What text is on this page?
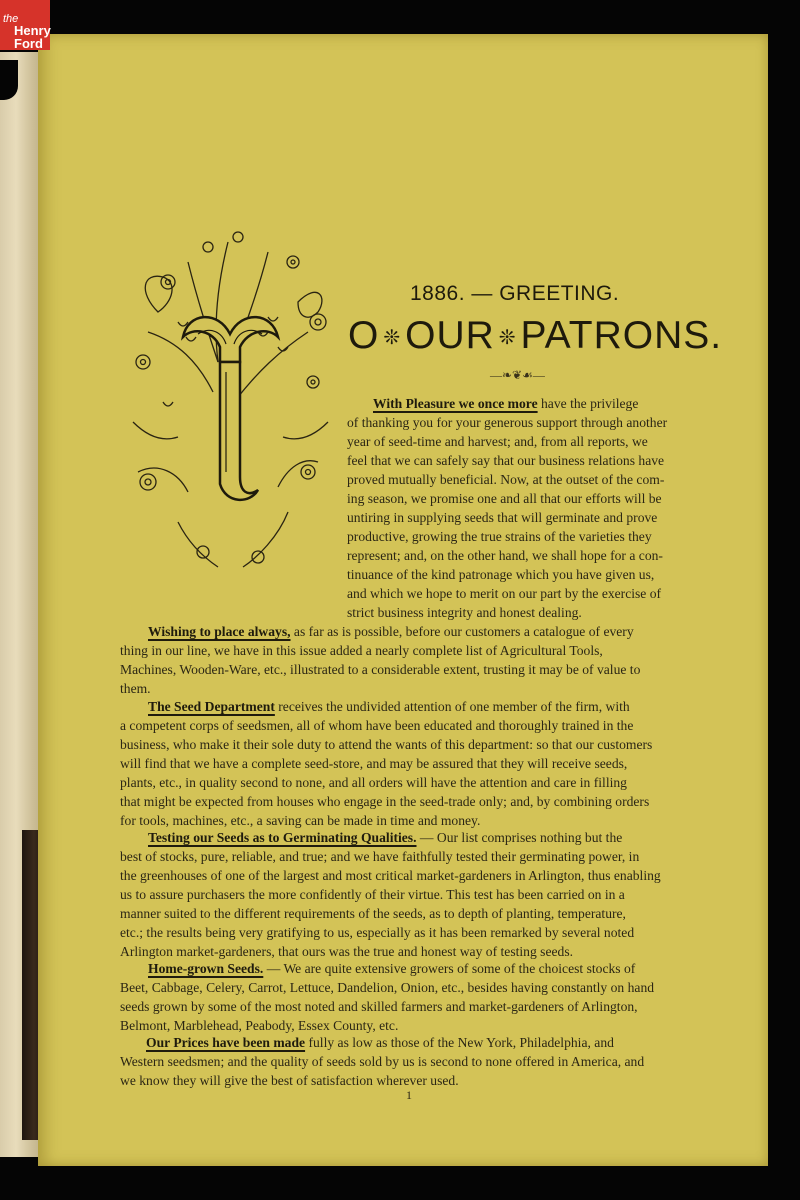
the
Henry
Ford
1886. — GREETING.
O ❊ OUR ❊ PATRONS.
—❧❦☙—
With Pleasure we once more have the privilege
of thanking you for your generous support through another
year of seed-time and harvest; and, from all reports, we
feel that we can safely say that our business relations have
proved mutually beneficial. Now, at the outset of the com-
ing season, we promise one and all that our efforts will be
untiring in supplying seeds that will germinate and prove
productive, growing the true strains of the varieties they
represent; and, on the other hand, we shall hope for a con-
tinuance of the kind patronage which you have given us,
and which we hope to merit on our part by the exercise of
strict business integrity and honest dealing.
Wishing to place always, as far as is possible, before our customers a catalogue of every
thing in our line, we have in this issue added a nearly complete list of Agricultural Tools,
Machines, Wooden-Ware, etc., illustrated to a considerable extent, trusting it may be of value to
them.
The Seed Department receives the undivided attention of one member of the firm, with
a competent corps of seedsmen, all of whom have been educated and thoroughly trained in the
business, who make it their sole duty to attend the wants of this department: so that our customers
will find that we have a complete seed-store, and may be assured that they will receive seeds,
plants, etc., in quality second to none, and all orders will have the attention and care in filling
that might be expected from houses who engage in the seed-trade only; and, by combining orders
for tools, machines, etc., a saving can be made in time and money.
Testing our Seeds as to Germinating Qualities. — Our list comprises nothing but the
best of stocks, pure, reliable, and true; and we have faithfully tested their germinating power, in
the greenhouses of one of the largest and most critical market-gardeners in Arlington, thus enabling
us to assure purchasers the more confidently of their virtue. This test has been carried on in a
manner suited to the different requirements of the seeds, as to depth of planting, temperature,
etc.; the results being very gratifying to us, especially as it has been remarked by several noted
Arlington market-gardeners, that ours was the true and honest way of testing seeds.
Home-grown Seeds. — We are quite extensive growers of some of the choicest stocks of
Beet, Cabbage, Celery, Carrot, Lettuce, Dandelion, Onion, etc., besides having constantly on hand
seeds grown by some of the most noted and skilled farmers and market-gardeners of Arlington,
Belmont, Marblehead, Peabody, Essex County, etc.
Our Prices have been made fully as low as those of the New York, Philadelphia, and
Western seedsmen; and the quality of seeds sold by us is second to none offered in America, and
we know they will give the best of satisfaction wherever used.
1
